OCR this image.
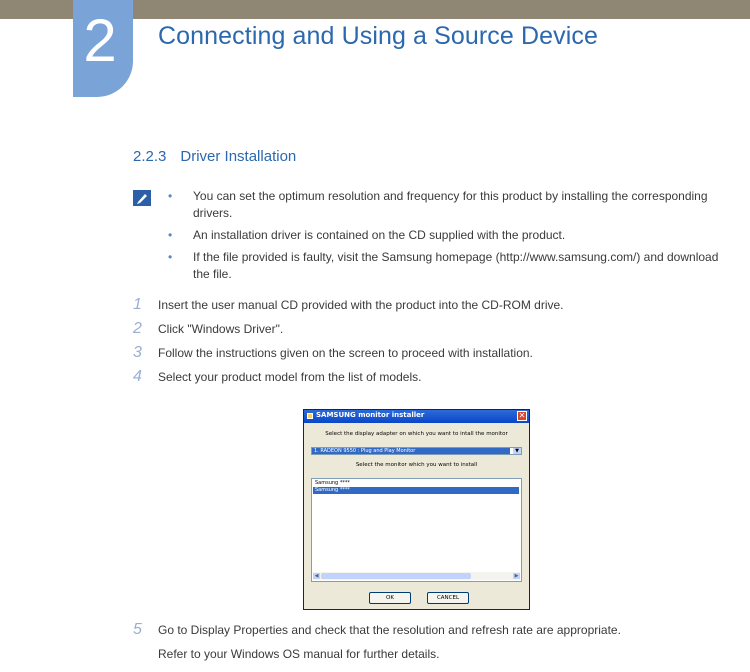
2	Connecting and Using a Source Device
2.2.3 Driver Installation
• You can set the optimum resolution and frequency for this product by installing the corresponding drivers.
• An installation driver is contained on the CD supplied with the product.
• If the file provided is faulty, visit the Samsung homepage (http://www.samsung.com/) and download the file.
1	Insert the user manual CD provided with the product into the CD-ROM drive.
2	Click "Windows Driver".
3	Follow the instructions given on the screen to proceed with installation.
4	Select your product model from the list of models.
5	Go to Display Properties and check that the resolution and refresh rate are appropriate.
SAMSUNG monitor installer	✕
Select the display adapter on which you want to intall the monitor
1. RADEON 9550 : Plug and Play Monitor	▼
Select the monitor which you want to install
Samsung ****
Samsung ****
◀	▶
OK	CANCEL
Refer to your Windows OS manual for further details.
